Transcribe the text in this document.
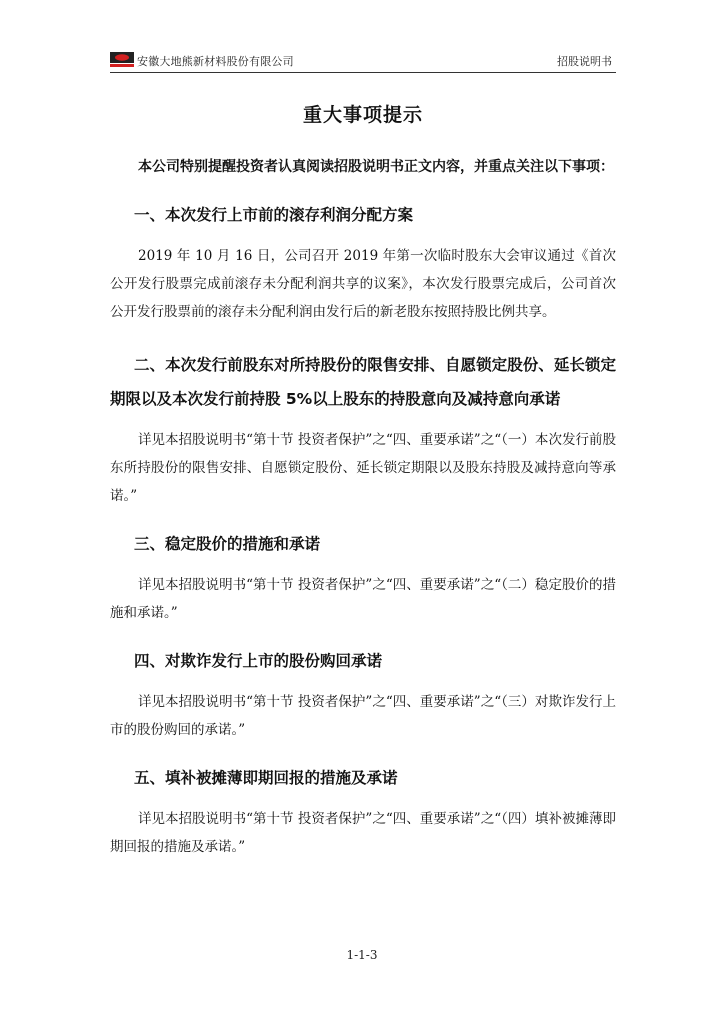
安徽大地熊新材料股份有限公司	招股说明书
重大事项提示

本公司特别提醒投资者认真阅读招股说明书正文内容，并重点关注以下事项：

一、本次发行上市前的滚存利润分配方案

2019 年 10 月 16 日，公司召开 2019 年第一次临时股东大会审议通过《首次公开发行股票完成前滚存未分配利润共享的议案》，本次发行股票完成后，公司首次公开发行股票前的滚存未分配利润由发行后的新老股东按照持股比例共享。

二、本次发行前股东对所持股份的限售安排、自愿锁定股份、延长锁定期限以及本次发行前持股 5%以上股东的持股意向及减持意向承诺

详见本招股说明书“第十节 投资者保护”之“四、重要承诺”之“（一）本次发行前股东所持股份的限售安排、自愿锁定股份、延长锁定期限以及股东持股及减持意向等承诺。”

三、稳定股价的措施和承诺

详见本招股说明书“第十节 投资者保护”之“四、重要承诺”之“（二）稳定股价的措施和承诺。”

四、对欺诈发行上市的股份购回承诺

详见本招股说明书“第十节 投资者保护”之“四、重要承诺”之“（三）对欺诈发行上市的股份购回的承诺。”

五、填补被摊薄即期回报的措施及承诺

详见本招股说明书“第十节 投资者保护”之“四、重要承诺”之“（四）填补被摊薄即期回报的措施及承诺。”

1-1-3
